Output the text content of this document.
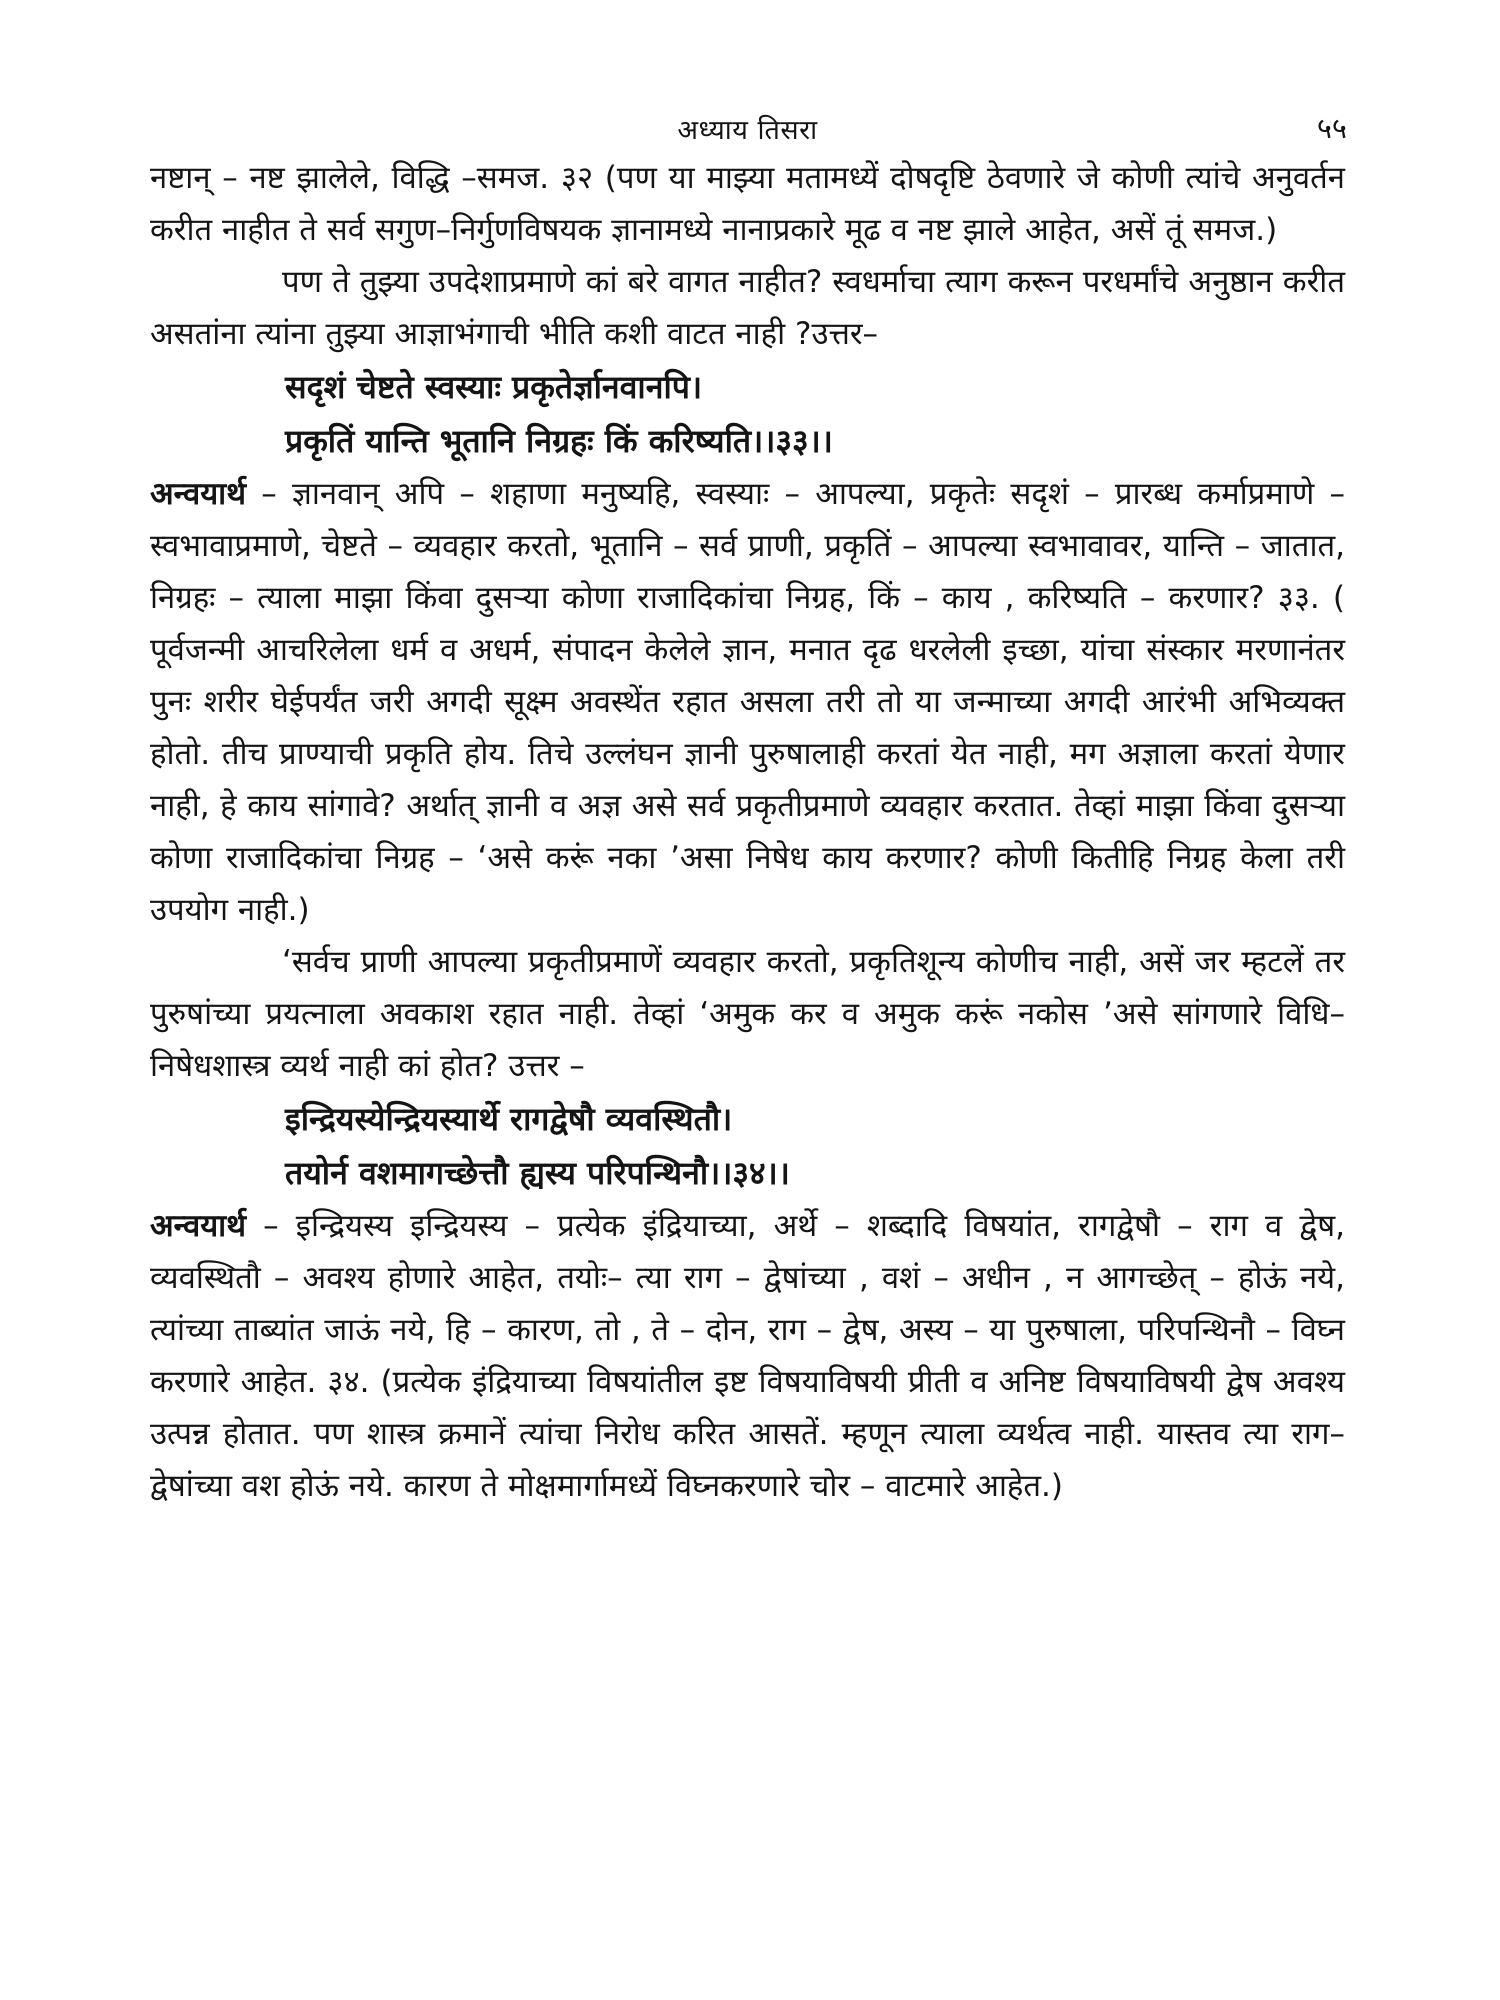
अध्याय तिसरा	५५

नष्टान् – नष्ट झालेले, विद्धि –समज. ३२ (पण या माझ्या मतामध्यें दोषदृष्टि ठेवणारे जे कोणी त्यांचे अनुवर्तन करीत नाहीत ते सर्व सगुण–निर्गुणविषयक ज्ञानामध्ये नानाप्रकारे मूढ व नष्ट झाले आहेत, असें तूं समज.)

पण ते तुझ्या उपदेशाप्रमाणे कां बरे वागत नाहीत? स्वधर्माचा त्याग करून परधर्मांचे अनुष्ठान करीत असतांना त्यांना तुझ्या आज्ञाभंगाची भीति कशी वाटत नाही ?उत्तर–

सदृशं चेष्टते स्वस्याः प्रकृतेर्ज्ञानवानपि।

प्रकृतिं यान्ति भूतानि निग्रहः किं करिष्यति।।३३।।

अन्वयार्थ – ज्ञानवान् अपि – शहाणा मनुष्यहि, स्वस्याः – आपल्या, प्रकृतेः सदृशं – प्रारब्ध कर्माप्रमाणे – स्वभावाप्रमाणे, चेष्टते – व्यवहार करतो, भूतानि – सर्व प्राणी, प्रकृतिं – आपल्या स्वभावावर, यान्ति – जातात, निग्रहः – त्याला माझा किंवा दुसऱ्या कोणा राजादिकांचा निग्रह, किं – काय , करिष्यति – करणार? ३३. ( पूर्वजन्मी आचरिलेला धर्म व अधर्म, संपादन केलेले ज्ञान, मनात दृढ धरलेली इच्छा, यांचा संस्कार मरणानंतर पुनः शरीर घेईपर्यंत जरी अगदी सूक्ष्म अवस्थेंत रहात असला तरी तो या जन्माच्या अगदी आरंभी अभिव्यक्त होतो. तीच प्राण्याची प्रकृति होय. तिचे उल्लंघन ज्ञानी पुरुषालाही करतां येत नाही, मग अज्ञाला करतां येणार नाही, हे काय सांगावे? अर्थात् ज्ञानी व अज्ञ असे सर्व प्रकृतीप्रमाणे व्यवहार करतात. तेव्हां माझा किंवा दुसऱ्या कोणा राजादिकांचा निग्रह – ‘असे करूं नका ’असा निषेध काय करणार? कोणी कितीहि निग्रह केला तरी उपयोग नाही.)

‘सर्वच प्राणी आपल्या प्रकृतीप्रमाणें व्यवहार करतो, प्रकृतिशून्य कोणीच नाही, असें जर म्हटलें तर पुरुषांच्या प्रयत्नाला अवकाश रहात नाही. तेव्हां ‘अमुक कर व अमुक करूं नकोस ’असे सांगणारे विधि–निषेधशास्त्र व्यर्थ नाही कां होत? उत्तर –

इन्द्रियस्येन्द्रियस्यार्थे रागद्वेषौ व्यवस्थितौ।

तयोर्न वशमागच्छेत्तौ ह्यस्य परिपन्थिनौ।।३४।।

अन्वयार्थ – इन्द्रियस्य इन्द्रियस्य – प्रत्येक इंद्रियाच्या, अर्थे – शब्दादि विषयांत, रागद्वेषौ – राग व द्वेष, व्यवस्थितौ – अवश्य होणारे आहेत, तयोः– त्या राग – द्वेषांच्या , वशं – अधीन , न आगच्छेत् – होऊं नये, त्यांच्या ताब्यांत जाऊं नये, हि – कारण, तो , ते – दोन, राग – द्वेष, अस्य – या पुरुषाला, परिपन्थिनौ – विघ्न करणारे आहेत. ३४. (प्रत्येक इंद्रियाच्या विषयांतील इष्ट विषयाविषयी प्रीती व अनिष्ट विषयाविषयी द्वेष अवश्य उत्पन्न होतात. पण शास्त्र क्रमानें त्यांचा निरोध करित आसतें. म्हणून त्याला व्यर्थत्व नाही. यास्तव त्या राग–द्वेषांच्या वश होऊं नये. कारण ते मोक्षमार्गामध्यें विघ्नकरणारे चोर – वाटमारे आहेत.)
